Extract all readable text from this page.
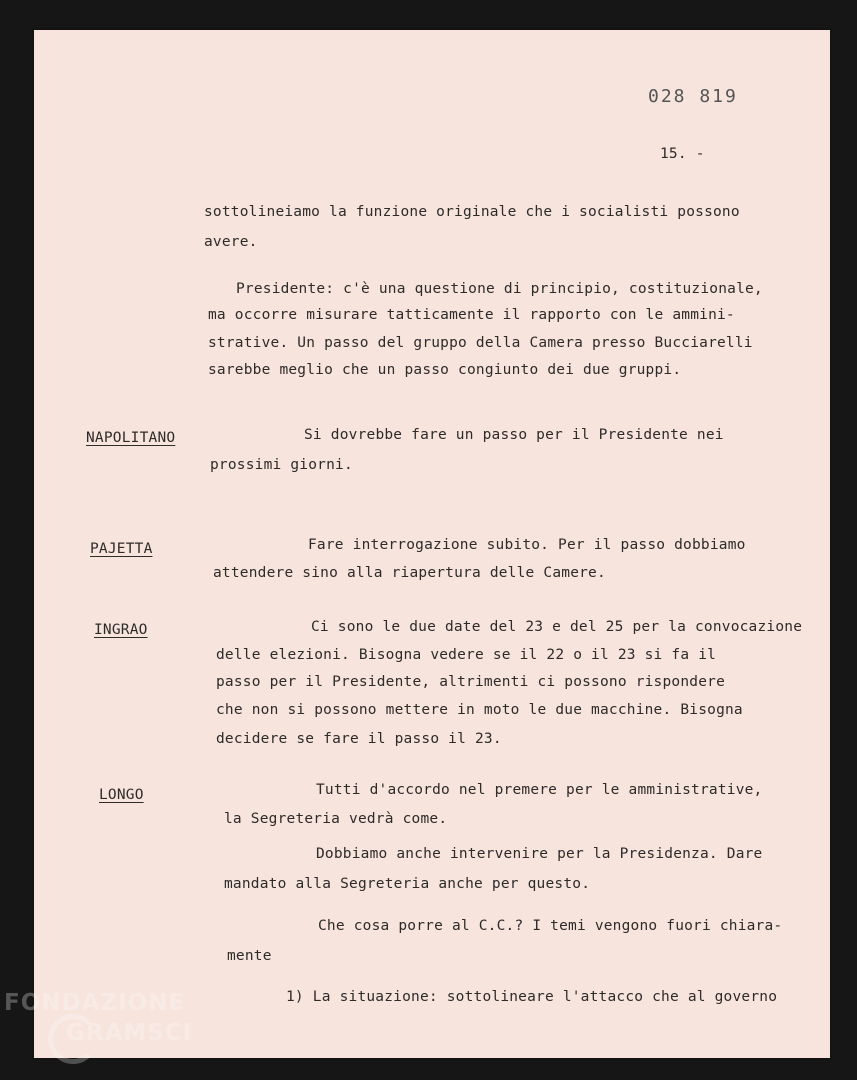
028 819
15. -
sottolineiamo la funzione originale che i socialisti possono
avere.
Presidente: c'è una questione di principio, costituzionale,
ma occorre misurare tatticamente il rapporto con le ammini-
strative. Un passo del gruppo della Camera presso Bucciarelli
sarebbe meglio che un passo congiunto dei due gruppi.
NAPOLITANO	Si dovrebbe fare un passo per il Presidente nei
prossimi giorni.
PAJETTA	Fare interrogazione subito. Per il passo dobbiamo
attendere sino alla riapertura delle Camere.
INGRAO	Ci sono le due date del 23 e del 25 per la convocazione
delle elezioni. Bisogna vedere se il 22 o il 23 si fa il
passo per il Presidente, altrimenti ci possono rispondere
che non si possono mettere in moto le due macchine. Bisogna
decidere se fare il passo il 23.
LONGO	Tutti d'accordo nel premere per le amministrative,
la Segreteria vedrà come.
Dobbiamo anche intervenire per la Presidenza. Dare
mandato alla Segreteria anche per questo.
Che cosa porre al C.C.? I temi vengono fuori chiara-
mente
1) La situazione: sottolineare l'attacco che al governo
FONDAZIONE
GRAMSCI
